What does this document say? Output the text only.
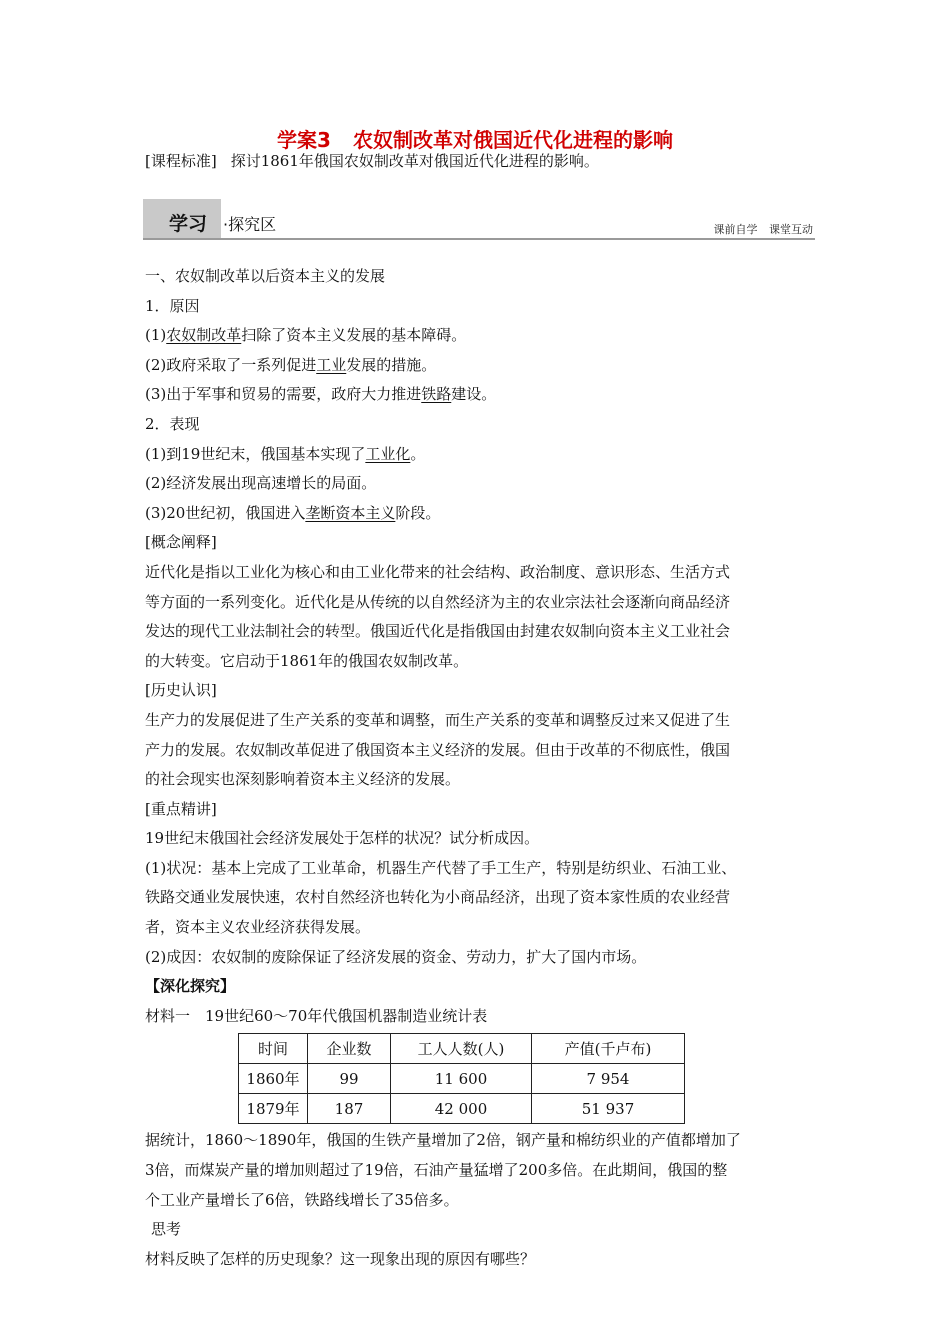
学案3 农奴制改革对俄国近代化进程的影响
[课程标准] 探讨1861年俄国农奴制改革对俄国近代化进程的影响。
学习 ·探究区	课前自学 课堂互动

一、农奴制改革以后资本主义的发展

1．原因

(1)农奴制改革扫除了资本主义发展的基本障碍。

(2)政府采取了一系列促进工业发展的措施。

(3)出于军事和贸易的需要，政府大力推进铁路建设。

2．表现

(1)到19世纪末，俄国基本实现了工业化。

(2)经济发展出现高速增长的局面。

(3)20世纪初，俄国进入垄断资本主义阶段。

[概念阐释]

近代化是指以工业化为核心和由工业化带来的社会结构、政治制度、意识形态、生活方式

等方面的一系列变化。近代化是从传统的以自然经济为主的农业宗法社会逐渐向商品经济

发达的现代工业法制社会的转型。俄国近代化是指俄国由封建农奴制向资本主义工业社会

的大转变。它启动于1861年的俄国农奴制改革。

[历史认识]

生产力的发展促进了生产关系的变革和调整，而生产关系的变革和调整反过来又促进了生

产力的发展。农奴制改革促进了俄国资本主义经济的发展。但由于改革的不彻底性，俄国

的社会现实也深刻影响着资本主义经济的发展。

[重点精讲]

19世纪末俄国社会经济发展处于怎样的状况？试分析成因。

(1)状况：基本上完成了工业革命，机器生产代替了手工生产，特别是纺织业、石油工业、

铁路交通业发展快速，农村自然经济也转化为小商品经济，出现了资本家性质的农业经营

者，资本主义农业经济获得发展。

(2)成因：农奴制的废除保证了经济发展的资金、劳动力，扩大了国内市场。

【深化探究】

材料一　19世纪60～70年代俄国机器制造业统计表

时间	企业数	工人人数(人)	产值(千卢布)
1860年	99	11 600	7 954
1879年	187	42 000	51 937

据统计，1860～1890年，俄国的生铁产量增加了2倍，钢产量和棉纺织业的产值都增加了

3倍，而煤炭产量的增加则超过了19倍，石油产量猛增了200多倍。在此期间，俄国的整

个工业产量增长了6倍，铁路线增长了35倍多。

思考

材料反映了怎样的历史现象？这一现象出现的原因有哪些？
